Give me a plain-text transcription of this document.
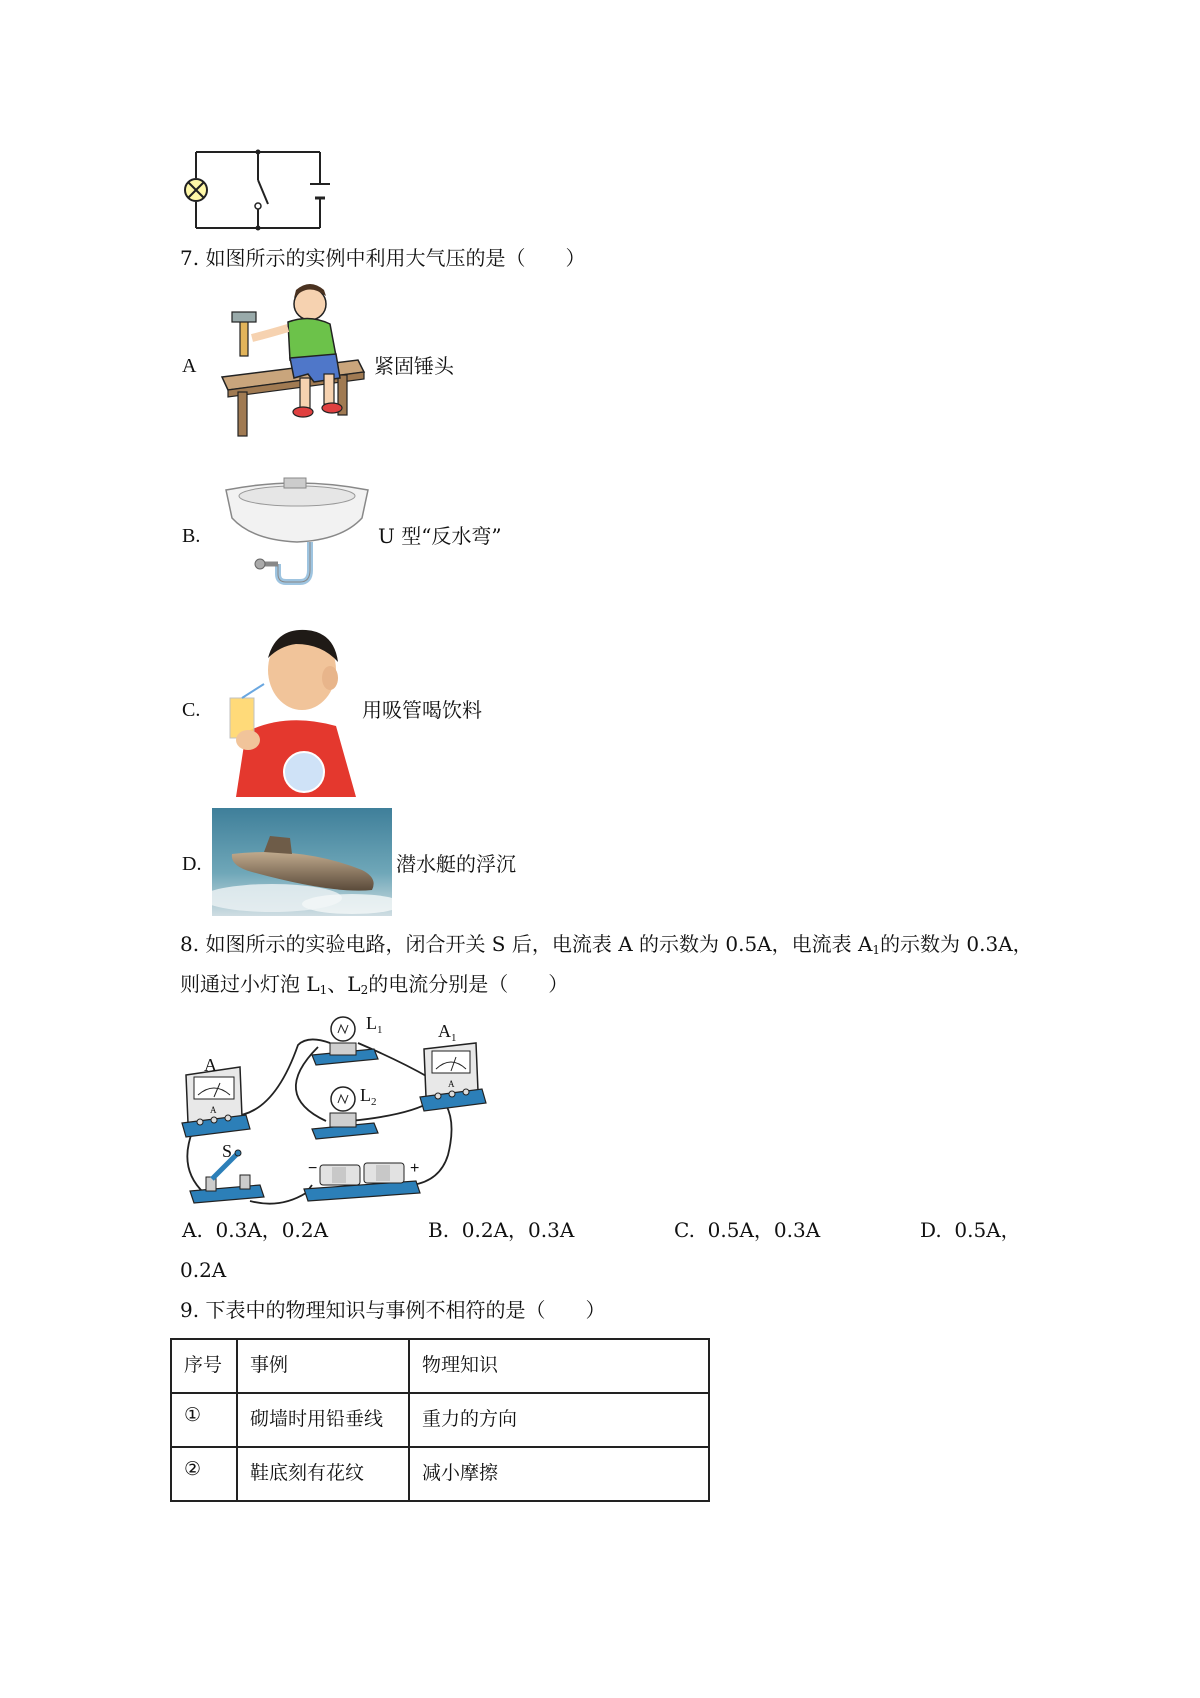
7. 如图所示的实例中利用大气压的是（　　）
A	紧固锤头
B.	U 型“反水弯”
C.	用吸管喝饮料
D.	潜水艇的浮沉
8. 如图所示的实验电路，闭合开关 S 后，电流表 A 的示数为 0.5A，电流表 $A_1$的示数为 0.3A，
则通过小灯泡 $L_1$、$L_2$的电流分别是（　　）
A
A
$L_1$
$L_2$
$A_1$
A
S
−	+
A. 0.3A，0.2A	B. 0.2A，0.3A	C. 0.5A，0.3A	D. 0.5A，
0.2A
9. 下表中的物理知识与事例不相符的是（　　）
序号	事例	物理知识
①	砌墙时用铅垂线	重力的方向
②	鞋底刻有花纹	减小摩擦
